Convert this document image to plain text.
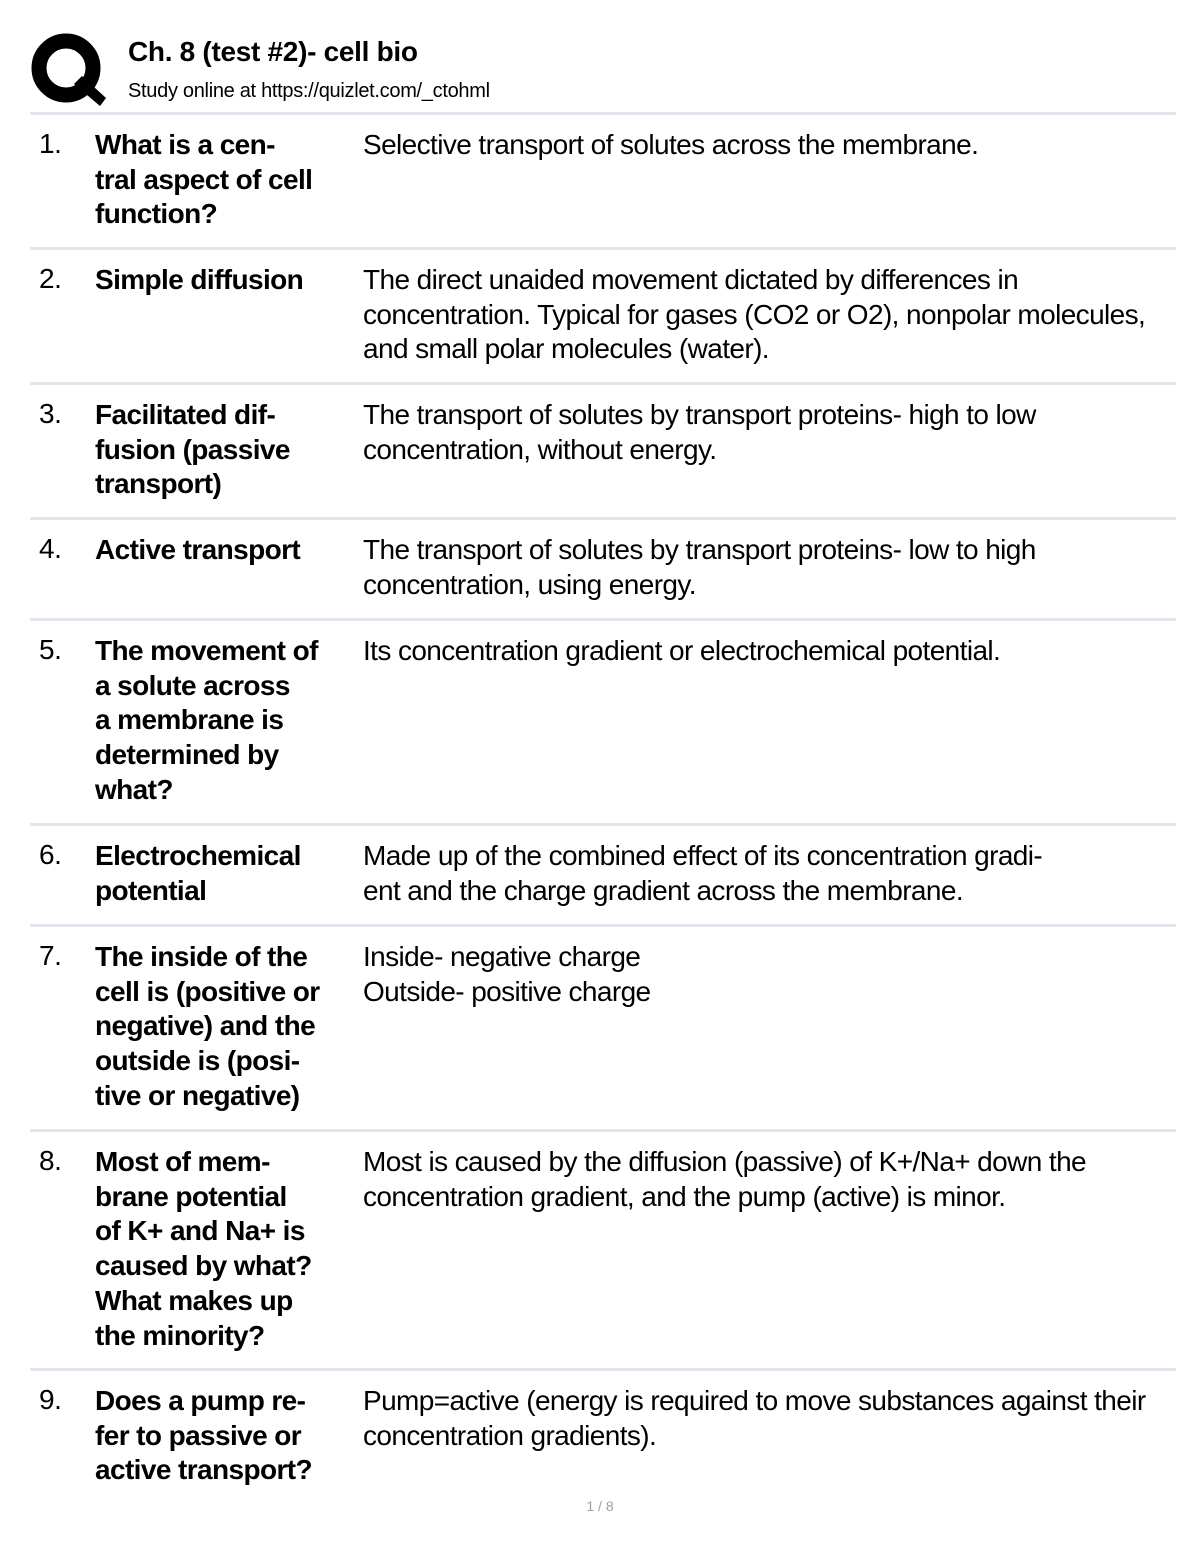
Ch. 8 (test #2)- cell bio
Study online at https://quizlet.com/_ctohml
1. What is a cen-
tral aspect of cell
function?
Selective transport of solutes across the membrane.
2. Simple diffusion	The direct unaided movement dictated by differences in concentration. Typical for gases (CO2 or O2), nonpolar molecules, and small polar molecules (water).
3. Facilitated dif-
fusion (passive
transport)
The transport of solutes by transport proteins- high to low concentration, without energy.
4. Active transport	The transport of solutes by transport proteins- low to high concentration, using energy.
5. The movement of
a solute across
a membrane is
determined by
what?
Its concentration gradient or electrochemical potential.
6. Electrochemical
potential
Made up of the combined effect of its concentration gradi-
ent and the charge gradient across the membrane.
7. The inside of the
cell is (positive or
negative) and the
outside is (posi-
tive or negative)
Inside- negative charge
Outside- positive charge
8. Most of mem-
brane potential
of K+ and Na+ is
caused by what?
What makes up
the minority?
Most is caused by the diffusion (passive) of K+/Na+ down the concentration gradient, and the pump (active) is minor.
9. Does a pump re-
fer to passive or
active transport?
Pump=active (energy is required to move substances against their concentration gradients).
1 / 8
